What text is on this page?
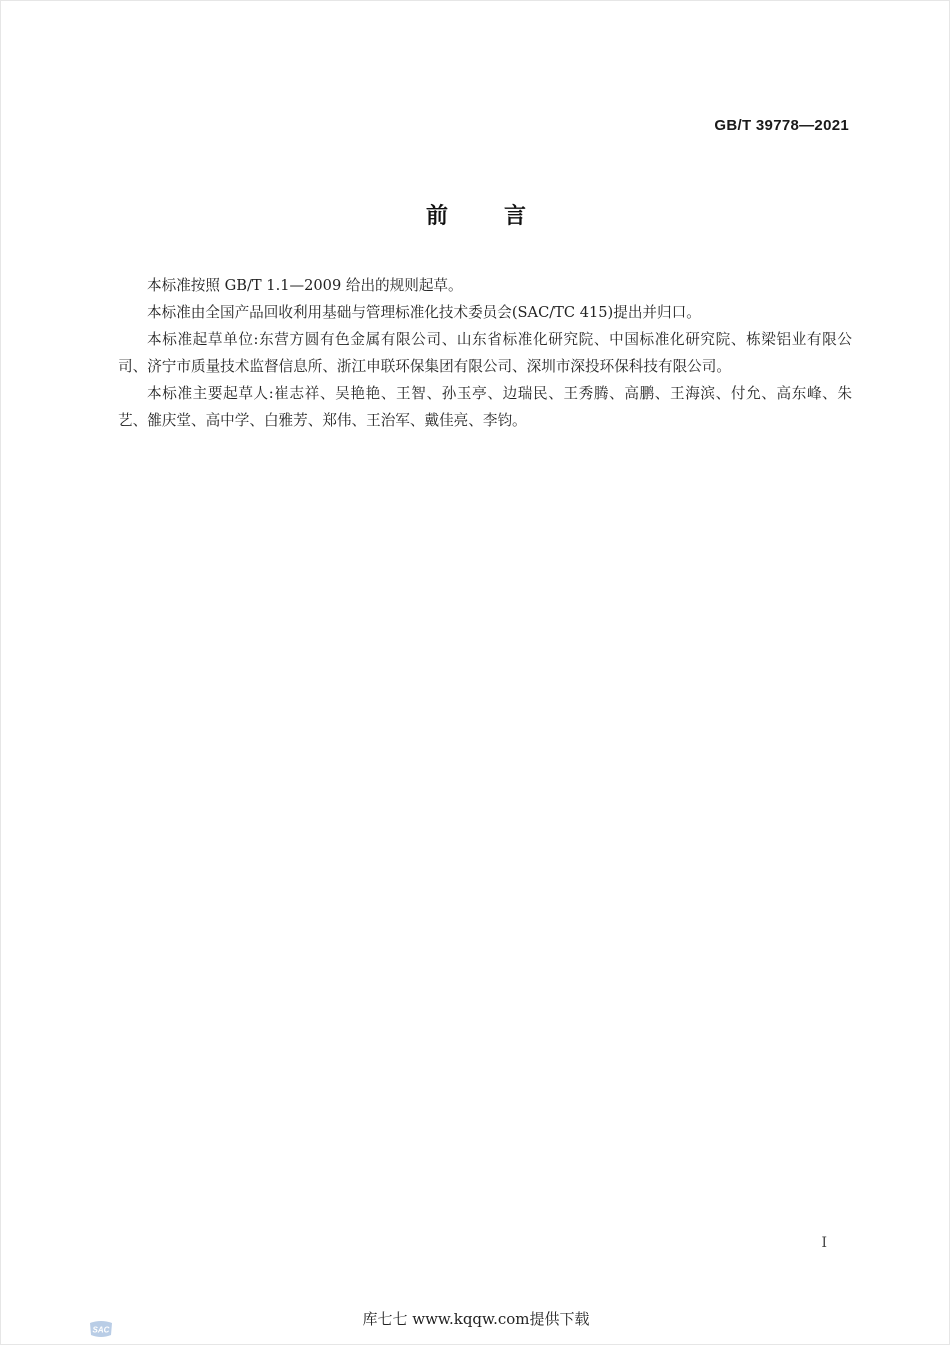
GB/T 39778—2021
前言

本标准按照 GB/T 1.1—2009 给出的规则起草。

本标准由全国产品回收利用基础与管理标准化技术委员会(SAC/TC 415)提出并归口。

本标准起草单位:东营方圆有色金属有限公司、山东省标准化研究院、中国标准化研究院、栋梁铝业有限公司、济宁市质量技术监督信息所、浙江申联环保集团有限公司、深圳市深投环保科技有限公司。

本标准主要起草人:崔志祥、吴艳艳、王智、孙玉亭、边瑞民、王秀腾、高鹏、王海滨、付允、高东峰、朱艺、雒庆堂、高中学、白雅芳、郑伟、王治军、戴佳亮、李钧。

I
SAC
库七七 www.kqqw.com提供下载
